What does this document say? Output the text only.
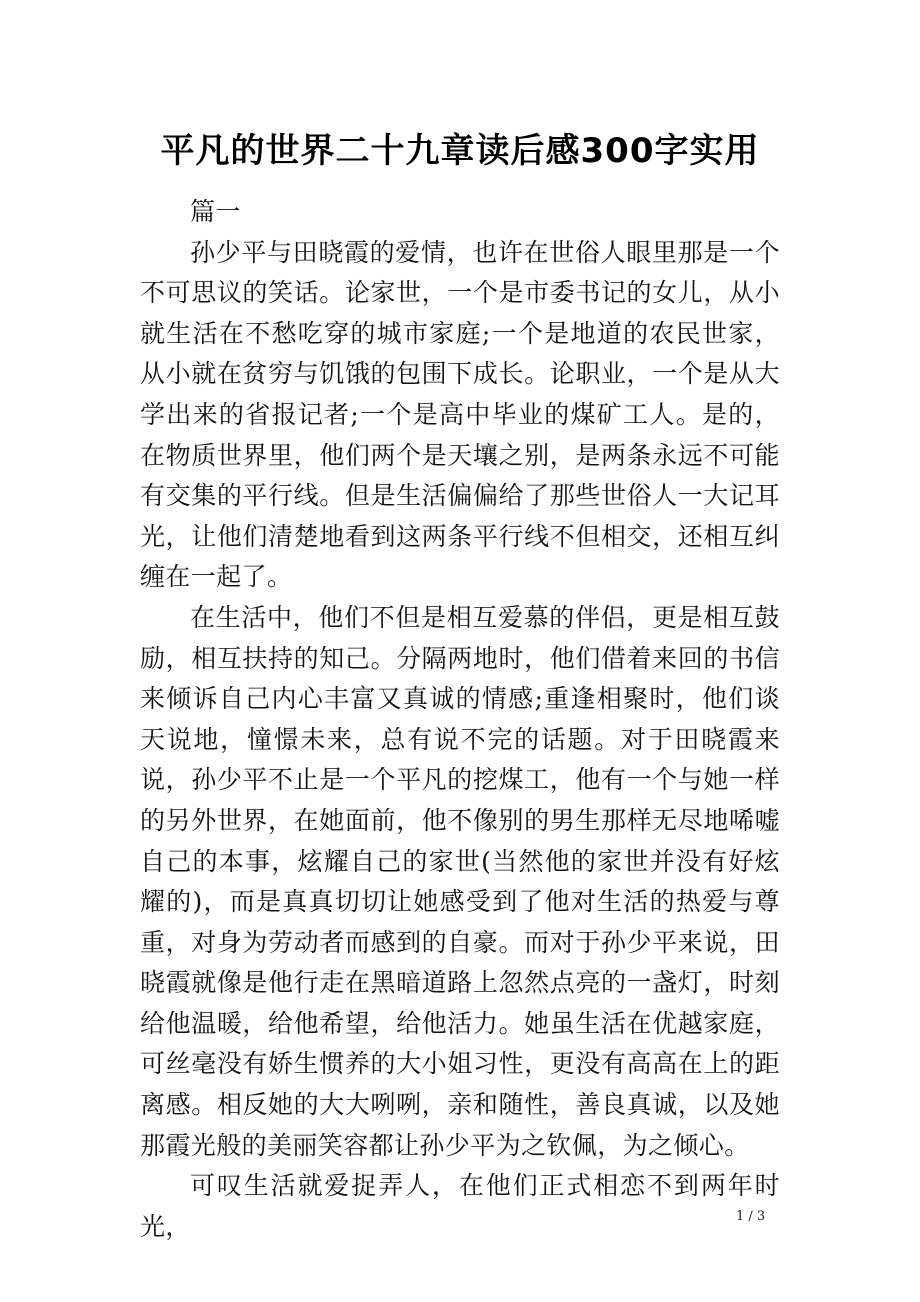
平凡的世界二十九章读后感300字实用

篇一

孙少平与田晓霞的爱情，也许在世俗人眼里那是一个不可思议的笑话。论家世，一个是市委书记的女儿，从小就生活在不愁吃穿的城市家庭;一个是地道的农民世家，从小就在贫穷与饥饿的包围下成长。论职业，一个是从大学出来的省报记者;一个是高中毕业的煤矿工人。是的，在物质世界里，他们两个是天壤之别，是两条永远不可能有交集的平行线。但是生活偏偏给了那些世俗人一大记耳光，让他们清楚地看到这两条平行线不但相交，还相互纠缠在一起了。

在生活中，他们不但是相互爱慕的伴侣，更是相互鼓励，相互扶持的知己。分隔两地时，他们借着来回的书信来倾诉自己内心丰富又真诚的情感;重逢相聚时，他们谈天说地，憧憬未来，总有说不完的话题。对于田晓霞来说，孙少平不止是一个平凡的挖煤工，他有一个与她一样的另外世界，在她面前，他不像别的男生那样无尽地唏嘘自己的本事，炫耀自己的家世(当然他的家世并没有好炫耀的)，而是真真切切让她感受到了他对生活的热爱与尊重，对身为劳动者而感到的自豪。而对于孙少平来说，田晓霞就像是他行走在黑暗道路上忽然点亮的一盏灯，时刻给他温暖，给他希望，给他活力。她虽生活在优越家庭，可丝毫没有娇生惯养的大小姐习性，更没有高高在上的距离感。相反她的大大咧咧，亲和随性，善良真诚，以及她那霞光般的美丽笑容都让孙少平为之钦佩，为之倾心。

可叹生活就爱捉弄人，在他们正式相恋不到两年时光，	1 / 3
